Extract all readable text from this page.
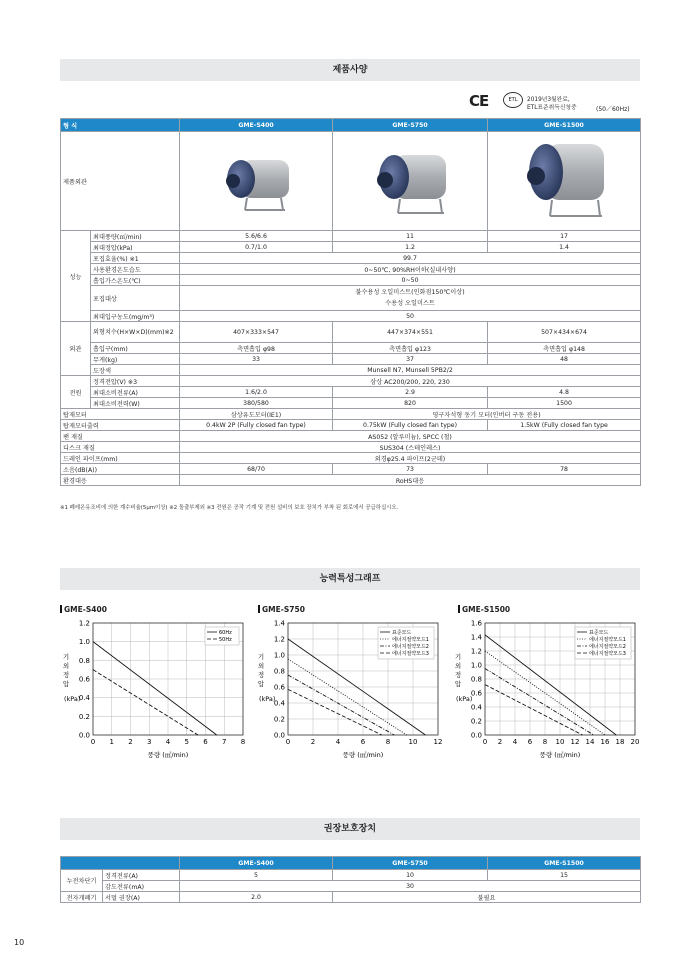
제품사양
CE	ETL	2019년3월완료,
ETL표준취득신청중	(50／60Hz)
형 식		GME-S400	GME-S750	GME-S1500
제품외관			
성능	최대풍량(㎥/min)	5.6/6.6	11	17
	최대정압(kPa)	0.7/1.0	1.2	1.4
	포집효율(%) ※1	99.7		
	사용환경온도습도	0~50℃, 90%RH이하(실내사양)		
	흡입가스온도(℃)	0~50		
	포집대상	불수용성 오일미스트(인화점150℃이상)
수용성 오일미스트		

	최대입구농도(mg/m³)	50		
외관	외형치수(H×W×D)(mm)※2	407×333×547	447×374×551	507×434×674
	흡입구(mm)	측면흡입 φ98	측면흡입 φ123	측면흡입 φ148
	무게(kg)	33	37	48
	도장색	Munsell N7, Munsell 5PB2/2		
전원	정격전압(V) ※3	삼상 AC200/200, 220, 230		
	최대소비전류(A)	1.6/2.0	2.9	4.8
	최대소비전력(W)	380/580	820	1500
탑재모터		삼상유도모터(IE1)	영구자석형 동기 모터(인버터 구동 전용)	
탑재모터출력		0.4kW 2P (Fully closed fan type)	0.75kW (Fully closed fan type)	1.5kW (Fully closed fan type
팬 재질		AS052 (알루미늄), SPCC (철)		
디스크 재질		SUS304 (스테인레스)		
드레인 파이프(mm)		외경φ25.4 파이프(2군데)		
소음(dB(A))		68/70	73	78
환경대응		RoHS대응		
※1 폐레온유조비에 의한 계수비율(5μm이상) ※2 돌출부제외 ※3 전원은 공작 기계 및 전원 설비의 보호 장치가 부착 된 회로에서 공급하십시오.
능력특성그래프
GME-S400	GME-S750	GME-S1500
0 1 2 3 4 5 6 7 8
0.0
0.2
0.4
0.6
0.8
1.0
1.2
풍량 (㎥/min)
기
외
정
압
(kPa)
60Hz
50Hz
0	2	4	6	8	10 12
0.0
0.2
0.4
0.6
0.8
1.0
1.2
1.4
풍량 (㎥/min)
기
외
정
압
(kPa)
표준모드
에너지절약모드1
에너지절약모드2
에너지절약모드3
0 2 4 6 8 10 12 14 16 18 20
0.0
0.2
0.4
0.6
0.8
1.0
1.2
1.4
1.6
풍량 (㎥/min)
기
외
정
압
(kPa)
표준모드
에너지절약모드1
에너지절약모드2
에너지절약모드3
권장보호장치
		GME-S400	GME-S750	GME-S1500
누전차단기	정격전류(A)	5	10	15
	감도전류(mA)	30		
전자개폐기	서멀 권장(A)	2.0	불필요	
10
